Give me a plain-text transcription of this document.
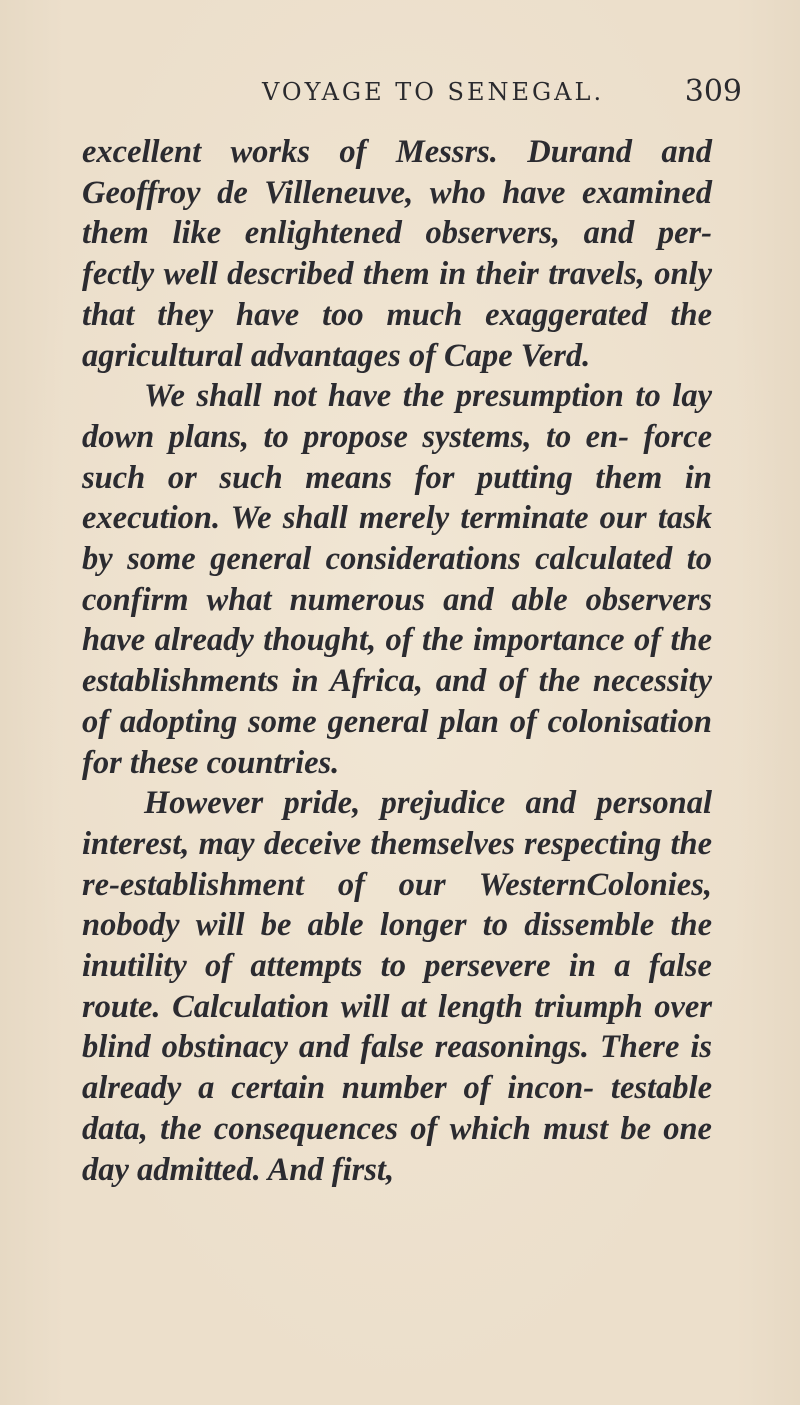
VOYAGE TO SENEGAL.	309

excellent works of Messrs. Durand and Geoffroy de Villeneuve, who have examined them like enlightened observers, and per- fectly well described them in their travels, only that they have too much exaggerated the agricultural advantages of Cape Verd.

We shall not have the presumption to lay down plans, to propose systems, to en- force such or such means for putting them in execution. We shall merely terminate our task by some general considerations calculated to confirm what numerous and able observers have already thought, of the importance of the establishments in Africa, and of the necessity of adopting some general plan of colonisation for these countries.

However pride, prejudice and personal interest, may deceive themselves respecting the re-establishment of our WesternColonies, nobody will be able longer to dissemble the inutility of attempts to persevere in a false route. Calculation will at length triumph over blind obstinacy and false reasonings. There is already a certain number of incon- testable data, the consequences of which must be one day admitted. And first,
